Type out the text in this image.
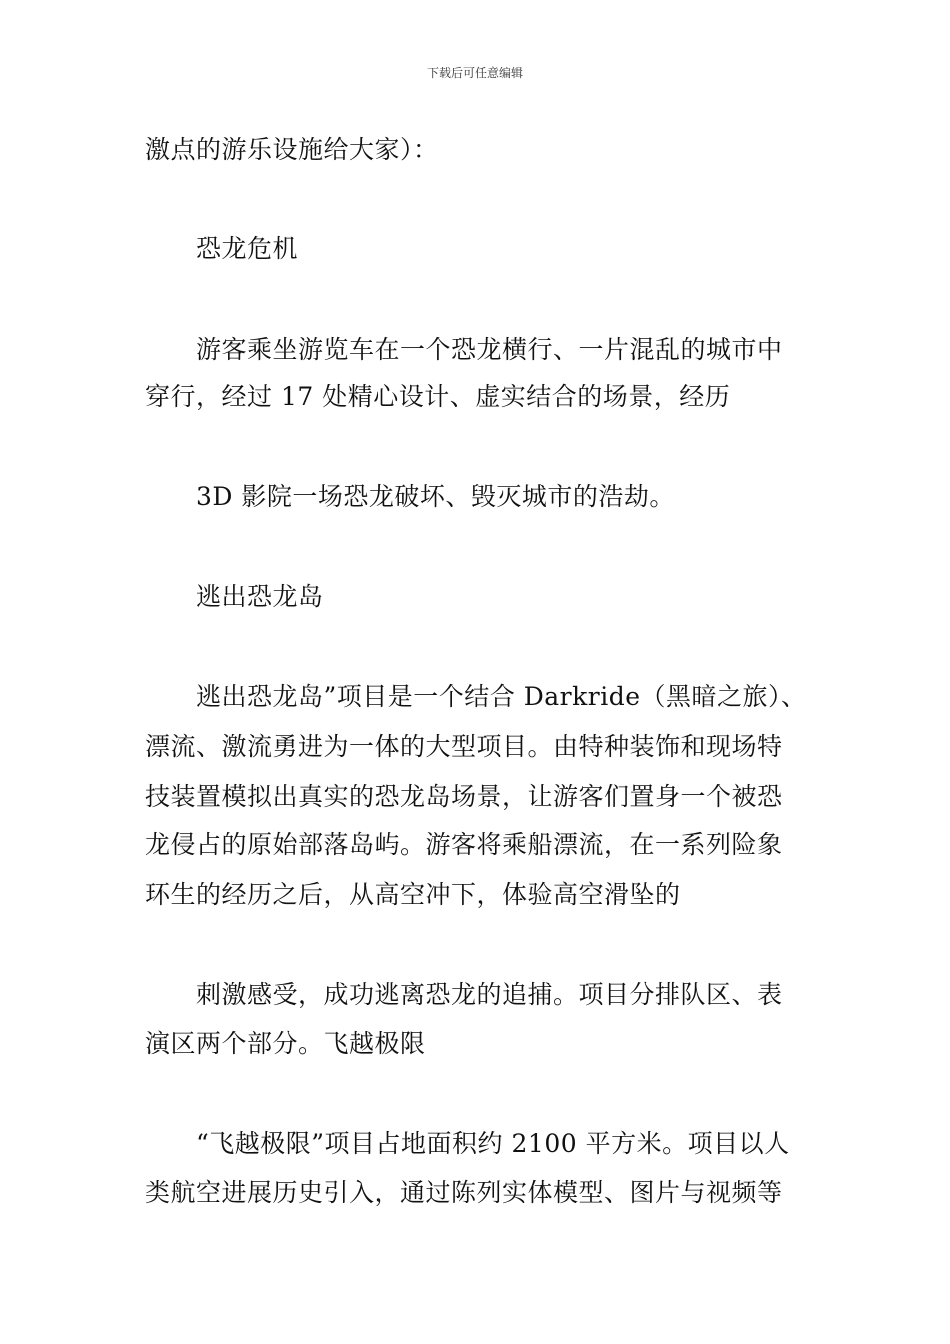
下载后可任意编辑
激点的游乐设施给大家）：
恐龙危机
游客乘坐游览车在一个恐龙横行、一片混乱的城市中
穿行，经过 17 处精心设计、虚实结合的场景，经历
3D 影院一场恐龙破坏、毁灭城市的浩劫。
逃出恐龙岛
逃出恐龙岛”项目是一个结合 Darkride（黑暗之旅）、
漂流、激流勇进为一体的大型项目。由特种装饰和现场特
技装置模拟出真实的恐龙岛场景，让游客们置身一个被恐
龙侵占的原始部落岛屿。游客将乘船漂流，在一系列险象
环生的经历之后，从高空冲下，体验高空滑坠的
刺激感受，成功逃离恐龙的追捕。项目分排队区、表
演区两个部分。飞越极限
“飞越极限”项目占地面积约 2100 平方米。项目以人
类航空进展历史引入，通过陈列实体模型、图片与视频等
